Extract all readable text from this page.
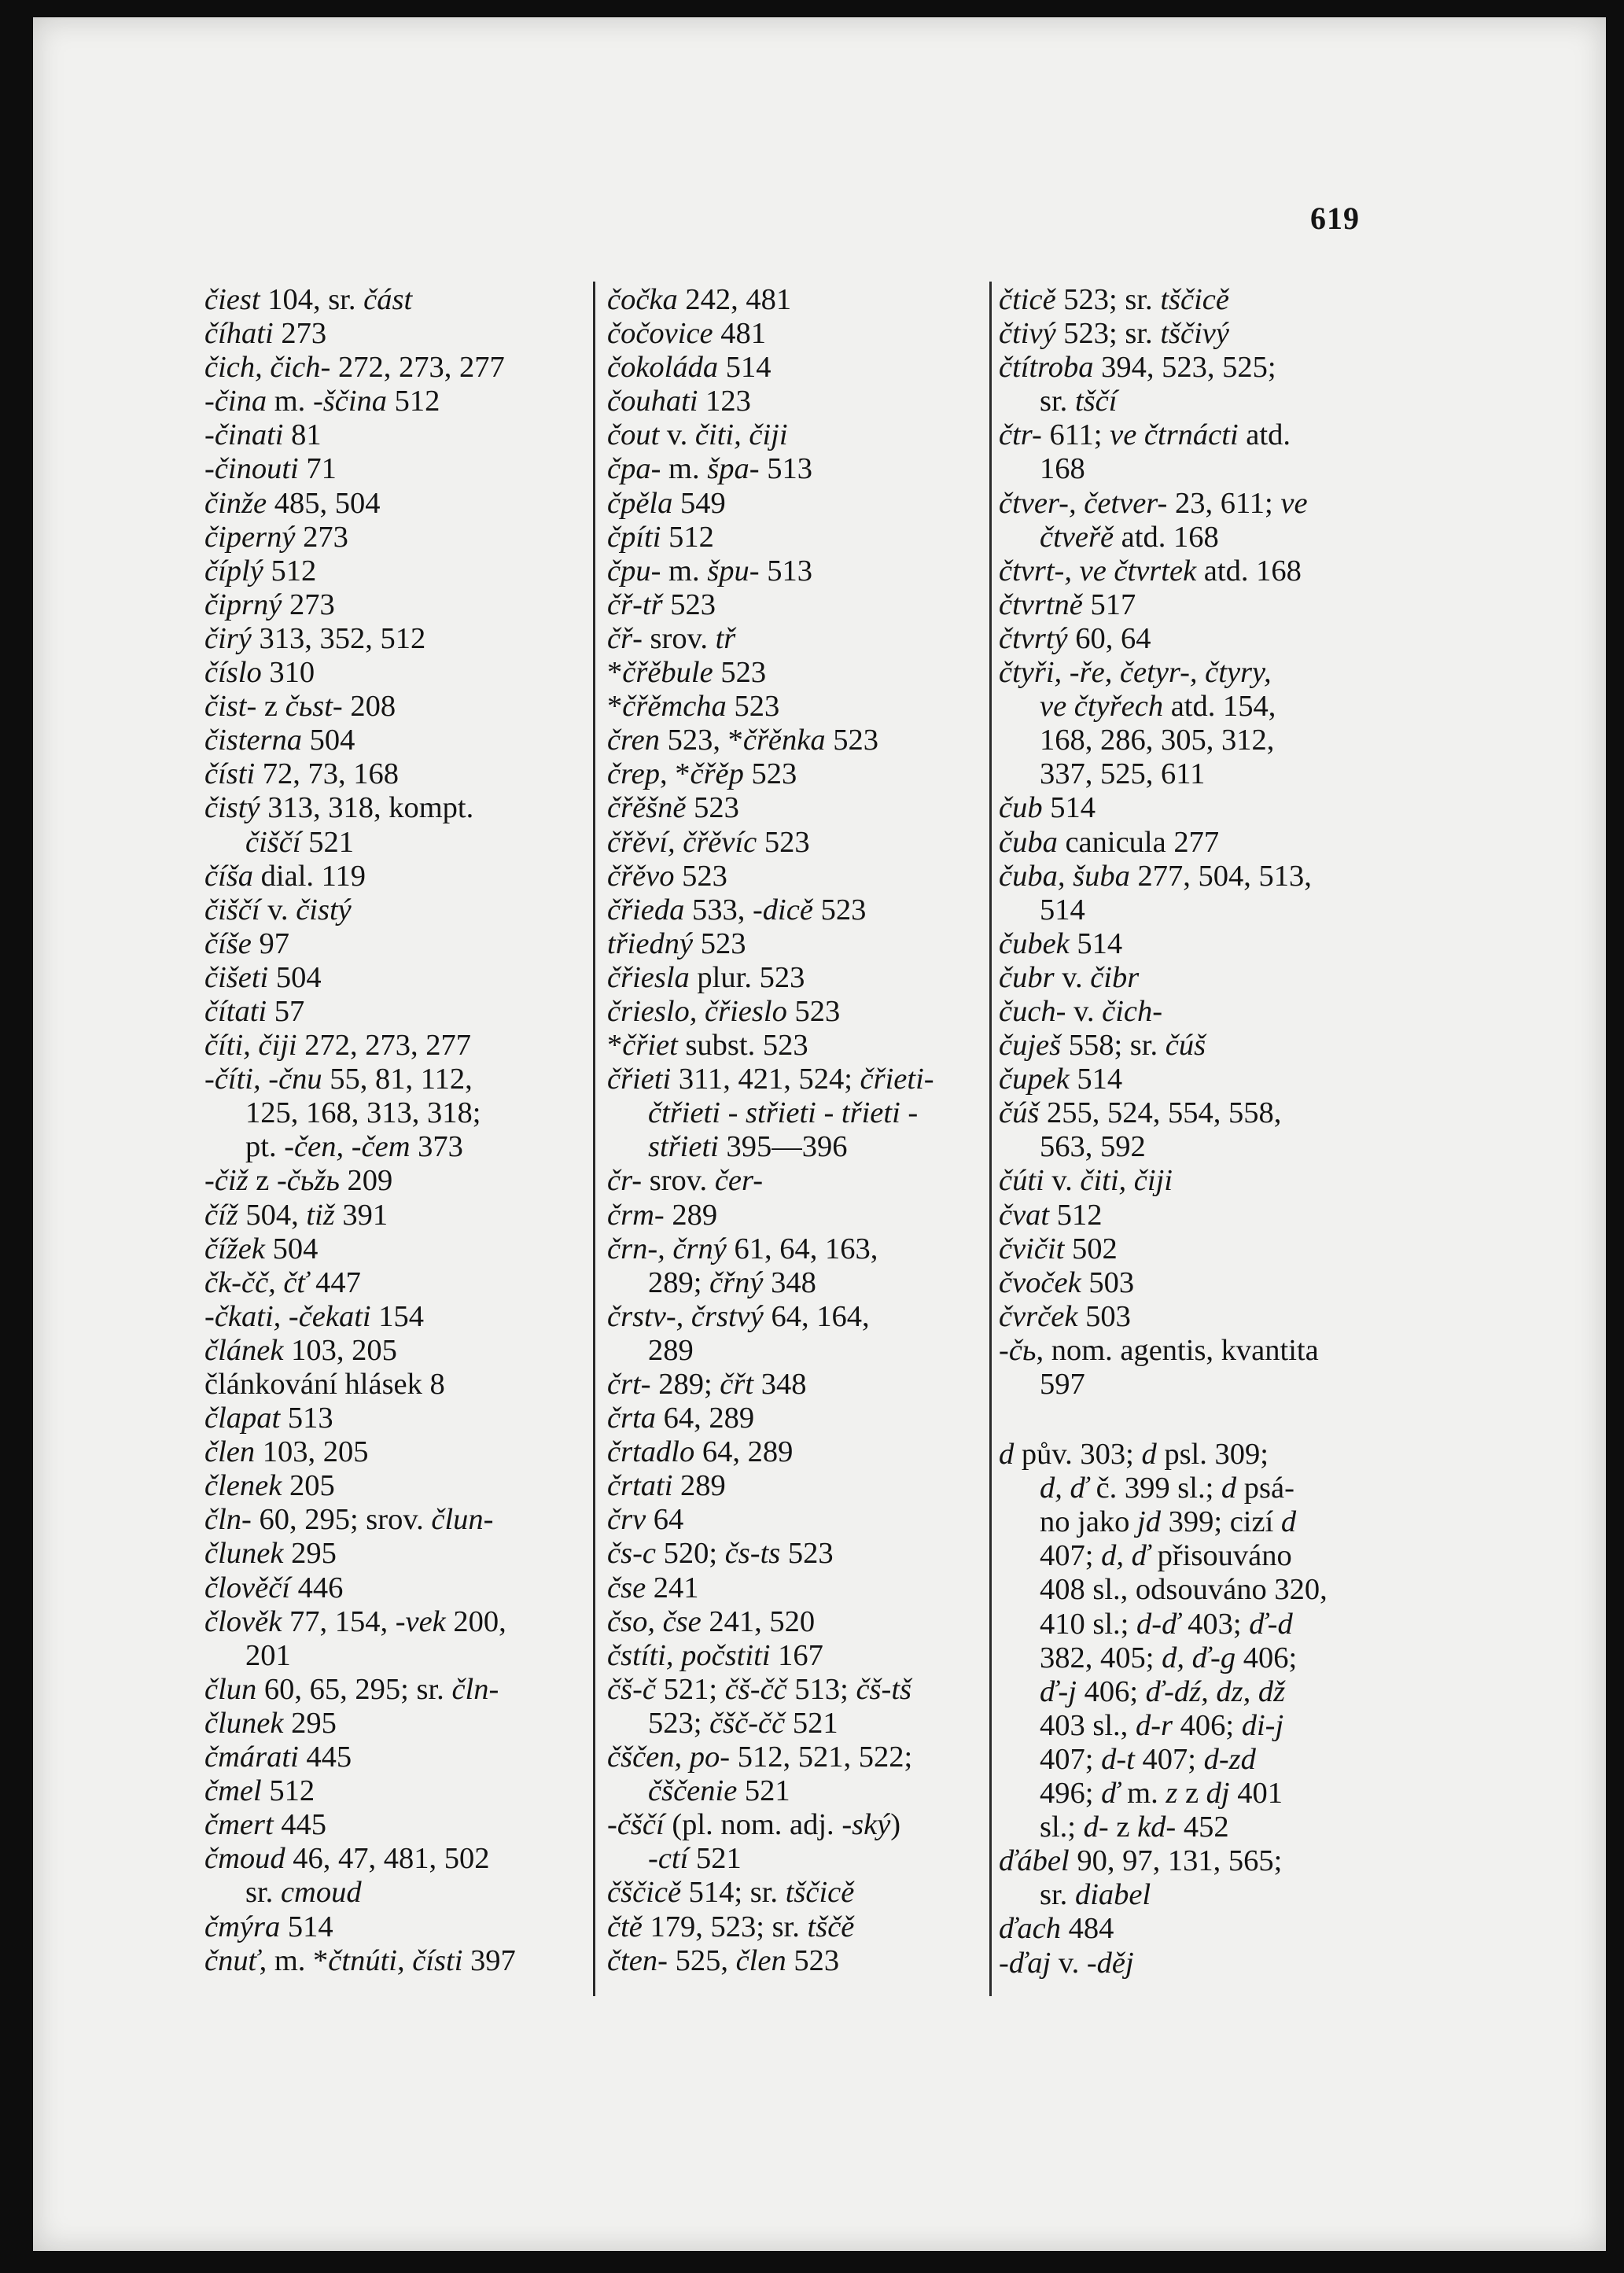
619
čiest 104, sr. část
číhati 273
čich, čich- 272, 273, 277
-čina m. -ščina 512
-činati 81
-činouti 71
činže 485, 504
čiperný 273
číplý 512
čiprný 273
čirý 313, 352, 512
číslo 310
čist- z čьst- 208
čisterna 504
čísti 72, 73, 168
čistý 313, 318, kompt.
čiščí 521
číša dial. 119
čiščí v. čistý
číše 97
čišeti 504
čítati 57
číti, čiji 272, 273, 277
-číti, -čnu 55, 81, 112,
125, 168, 313, 318;
pt. -čen, -čem 373
-čiž z -čьžь 209
číž 504, tiž 391
čížek 504
čk-čč, čť 447
-čkati, -čekati 154
článek 103, 205
článkování hlásek 8
člapat 513
člen 103, 205
členek 205
čln- 60, 295; srov. člun-
člunek 295
člověčí 446
člověk 77, 154, -vek 200,
201
člun 60, 65, 295; sr. čln-
člunek 295
čmárati 445
čmel 512
čmert 445
čmoud 46, 47, 481, 502
sr. cmoud
čmýra 514
čnuť, m. *čtnúti, čísti 397
čočka 242, 481
čočovice 481
čokoláda 514
čouhati 123
čout v. čiti, čiji
čpa- m. špa- 513
čpěla 549
čpíti 512
čpu- m. špu- 513
čř-tř 523
čř- srov. tř
*čřěbule 523
*čřěmcha 523
čren 523, *čřěnka 523
črep, *čřěp 523
čřěšně 523
čřěví, čřěvíc 523
čřěvo 523
čřieda 533, -dicě 523
třiedný 523
čřiesla plur. 523
črieslo, čřieslo 523
*čřiet subst. 523
čřieti 311, 421, 524; čřieti-
čtřieti - střieti - třieti -
střieti 395—396
čr- srov. čer-
črm- 289
črn-, črný 61, 64, 163,
289; čřný 348
črstv-, črstvý 64, 164,
289
črt- 289; čřt 348
črta 64, 289
črtadlo 64, 289
črtati 289
črv 64
čs-c 520; čs-ts 523
čse 241
čso, čse 241, 520
čstíti, počstiti 167
čš-č 521; čš-čč 513; čš-tš
523; čšč-čč 521
čščen, po- 512, 521, 522;
čščenie 521
-čščí (pl. nom. adj. -ský)
-ctí 521
čščicě 514; sr. tščicě
čtě 179, 523; sr. tščě
čten- 525, člen 523
čticě 523; sr. tščicě
čtivý 523; sr. tščivý
čtítroba 394, 523, 525;
sr. tščí
čtr- 611; ve čtrnácti atd.
168
čtver-, četver- 23, 611; ve
čtveřě atd. 168
čtvrt-, ve čtvrtek atd. 168
čtvrtně 517
čtvrtý 60, 64
čtyři, -ře, četyr-, čtyry,
ve čtyřech atd. 154,
168, 286, 305, 312,
337, 525, 611
čub 514
čuba canicula 277
čuba, šuba 277, 504, 513,
514
čubek 514
čubr v. čibr
čuch- v. čich-
čuješ 558; sr. čúš
čupek 514
čúš 255, 524, 554, 558,
563, 592
čúti v. čiti, čiji
čvat 512
čvičit 502
čvoček 503
čvrček 503
-čь, nom. agentis, kvantita
597
d pův. 303; d psl. 309;
d, ď č. 399 sl.; d psá-
no jako jd 399; cizí d
407; d, ď přisouváno
408 sl., odsouváno 320,
410 sl.; d-ď 403; ď-d
382, 405; d, ď-g 406;
ď-j 406; ď-dź, dz, dž
403 sl., d-r 406; di-j
407; d-t 407; d-zd
496; ď m. z z dj 401
sl.; d- z kd- 452
ďábel 90, 97, 131, 565;
sr. diabel
ďach 484
-ďaj v. -děj
